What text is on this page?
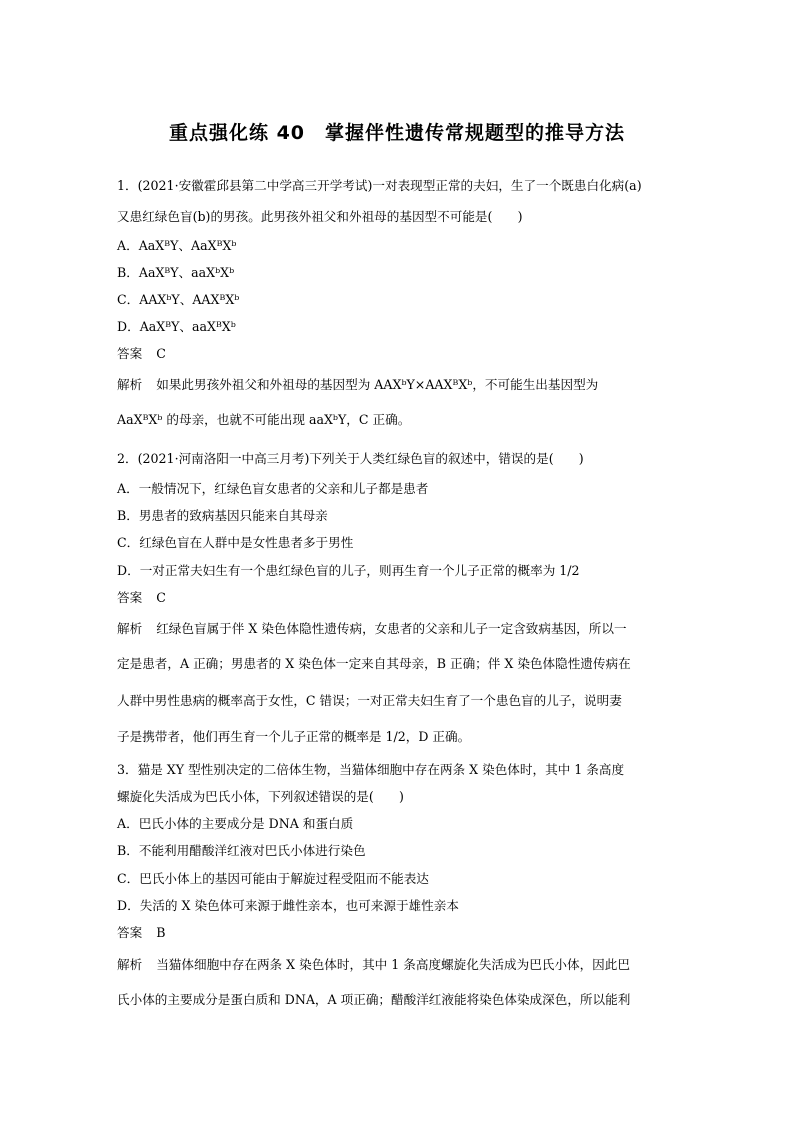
重点强化练 40　掌握伴性遗传常规题型的推导方法
1．(2021·安徽霍邱县第二中学高三开学考试)一对表现型正常的夫妇，生了一个既患白化病(a)
又患红绿色盲(b)的男孩。此男孩外祖父和外祖母的基因型不可能是(　　)
A．AaXᴮY、AaXᴮXᵇ
B．AaXᴮY、aaXᵇXᵇ
C．AAXᵇY、AAXᴮXᵇ
D．AaXᴮY、aaXᴮXᵇ
答案 C
解析 如果此男孩外祖父和外祖母的基因型为 AAXᵇY×AAXᴮXᵇ，不可能生出基因型为
AaXᴮXᵇ 的母亲，也就不可能出现 aaXᵇY，C 正确。
2．(2021·河南洛阳一中高三月考)下列关于人类红绿色盲的叙述中，错误的是(　　)
A．一般情况下，红绿色盲女患者的父亲和儿子都是患者
B．男患者的致病基因只能来自其母亲
C．红绿色盲在人群中是女性患者多于男性
D．一对正常夫妇生有一个患红绿色盲的儿子，则再生育一个儿子正常的概率为 1/2
答案 C
解析 红绿色盲属于伴 X 染色体隐性遗传病，女患者的父亲和儿子一定含致病基因，所以一
定是患者，A 正确；男患者的 X 染色体一定来自其母亲，B 正确；伴 X 染色体隐性遗传病在
人群中男性患病的概率高于女性，C 错误；一对正常夫妇生育了一个患色盲的儿子，说明妻
子是携带者，他们再生育一个儿子正常的概率是 1/2，D 正确。
3．猫是 XY 型性别决定的二倍体生物，当猫体细胞中存在两条 X 染色体时，其中 1 条高度
螺旋化失活成为巴氏小体，下列叙述错误的是(　　)
A．巴氏小体的主要成分是 DNA 和蛋白质
B．不能利用醋酸洋红液对巴氏小体进行染色
C．巴氏小体上的基因可能由于解旋过程受阻而不能表达
D．失活的 X 染色体可来源于雌性亲本，也可来源于雄性亲本
答案 B
解析 当猫体细胞中存在两条 X 染色体时，其中 1 条高度螺旋化失活成为巴氏小体，因此巴
氏小体的主要成分是蛋白质和 DNA，A 项正确；醋酸洋红液能将染色体染成深色，所以能利
